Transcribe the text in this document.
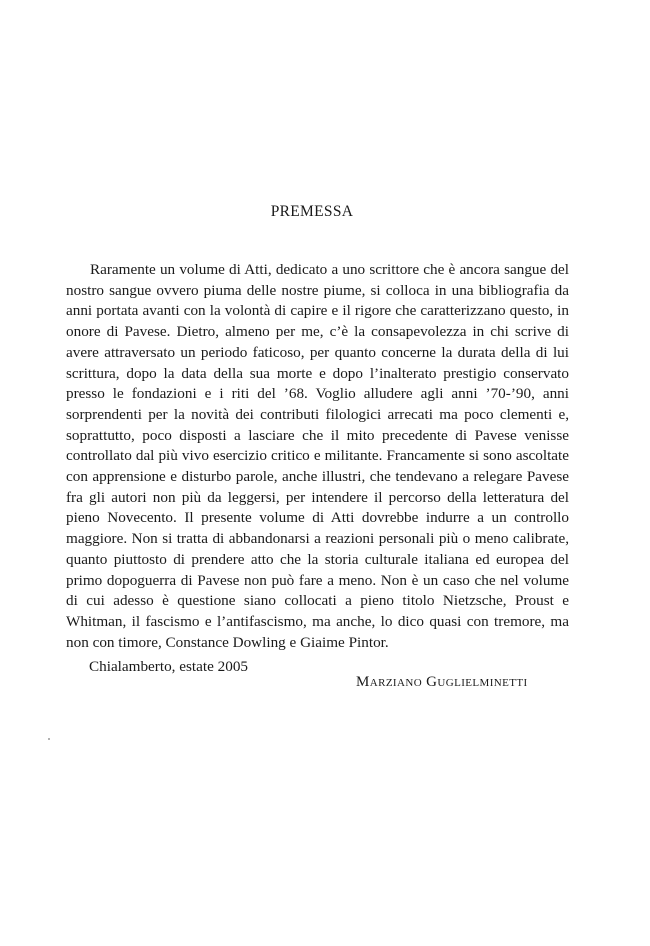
PREMESSA

Raramente un volume di Atti, dedicato a uno scrittore che è ancora sangue del nostro sangue ovvero piuma delle nostre piume, si colloca in una bibliografia da anni portata avanti con la volontà di capire e il rigore che caratterizzano questo, in onore di Pavese. Dietro, almeno per me, c’è la consapevolezza in chi scrive di avere attraversato un periodo faticoso, per quanto concerne la durata della di lui scrittura, dopo la data della sua morte e dopo l’inalterato prestigio conservato presso le fondazioni e i riti del ’68. Voglio alludere agli anni ’70-’90, anni sorprendenti per la novità dei contributi filologici arrecati ma poco clementi e, soprattutto, poco disposti a lasciare che il mito precedente di Pavese venisse controllato dal più vivo esercizio critico e militante. Francamente si sono ascoltate con apprensione e disturbo parole, anche illustri, che tendevano a relegare Pavese fra gli autori non più da leggersi, per intendere il percorso della letteratura del pieno Novecento. Il presente volume di Atti dovrebbe indurre a un controllo maggiore. Non si tratta di abbandonarsi a reazioni personali più o meno calibrate, quanto piuttosto di prendere atto che la storia culturale italiana ed europea del primo dopoguerra di Pavese non può fare a meno. Non è un caso che nel volume di cui adesso è questione siano collocati a pieno titolo Nietzsche, Proust e Whitman, il fascismo e l’antifascismo, ma anche, lo dico quasi con tremore, ma non con timore, Constance Dowling e Giaime Pintor.

Chialamberto, estate 2005
Marziano Guglielminetti
